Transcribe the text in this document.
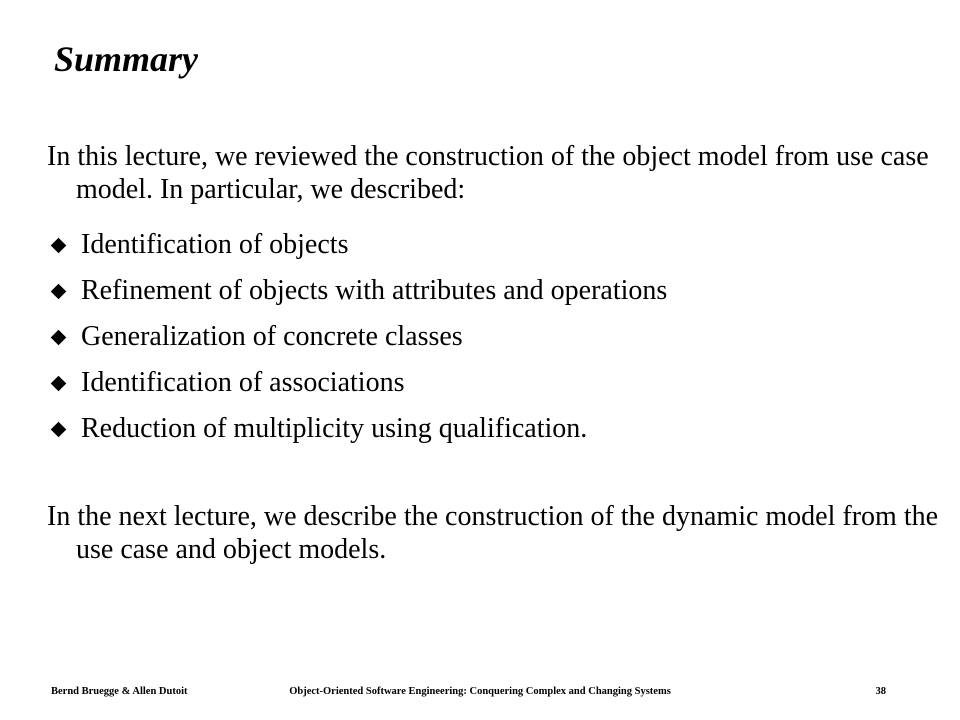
Summary
In this lecture, we reviewed the construction of the object model from use case model. In particular, we described:
Identification of objects
Refinement of objects with attributes and operations
Generalization of concrete classes
Identification of associations
Reduction of multiplicity using qualification.
In the next lecture, we describe the construction of the dynamic model from the use case and object models.
Bernd Bruegge & Allen Dutoit	Object-Oriented Software Engineering: Conquering Complex and Changing Systems	38
